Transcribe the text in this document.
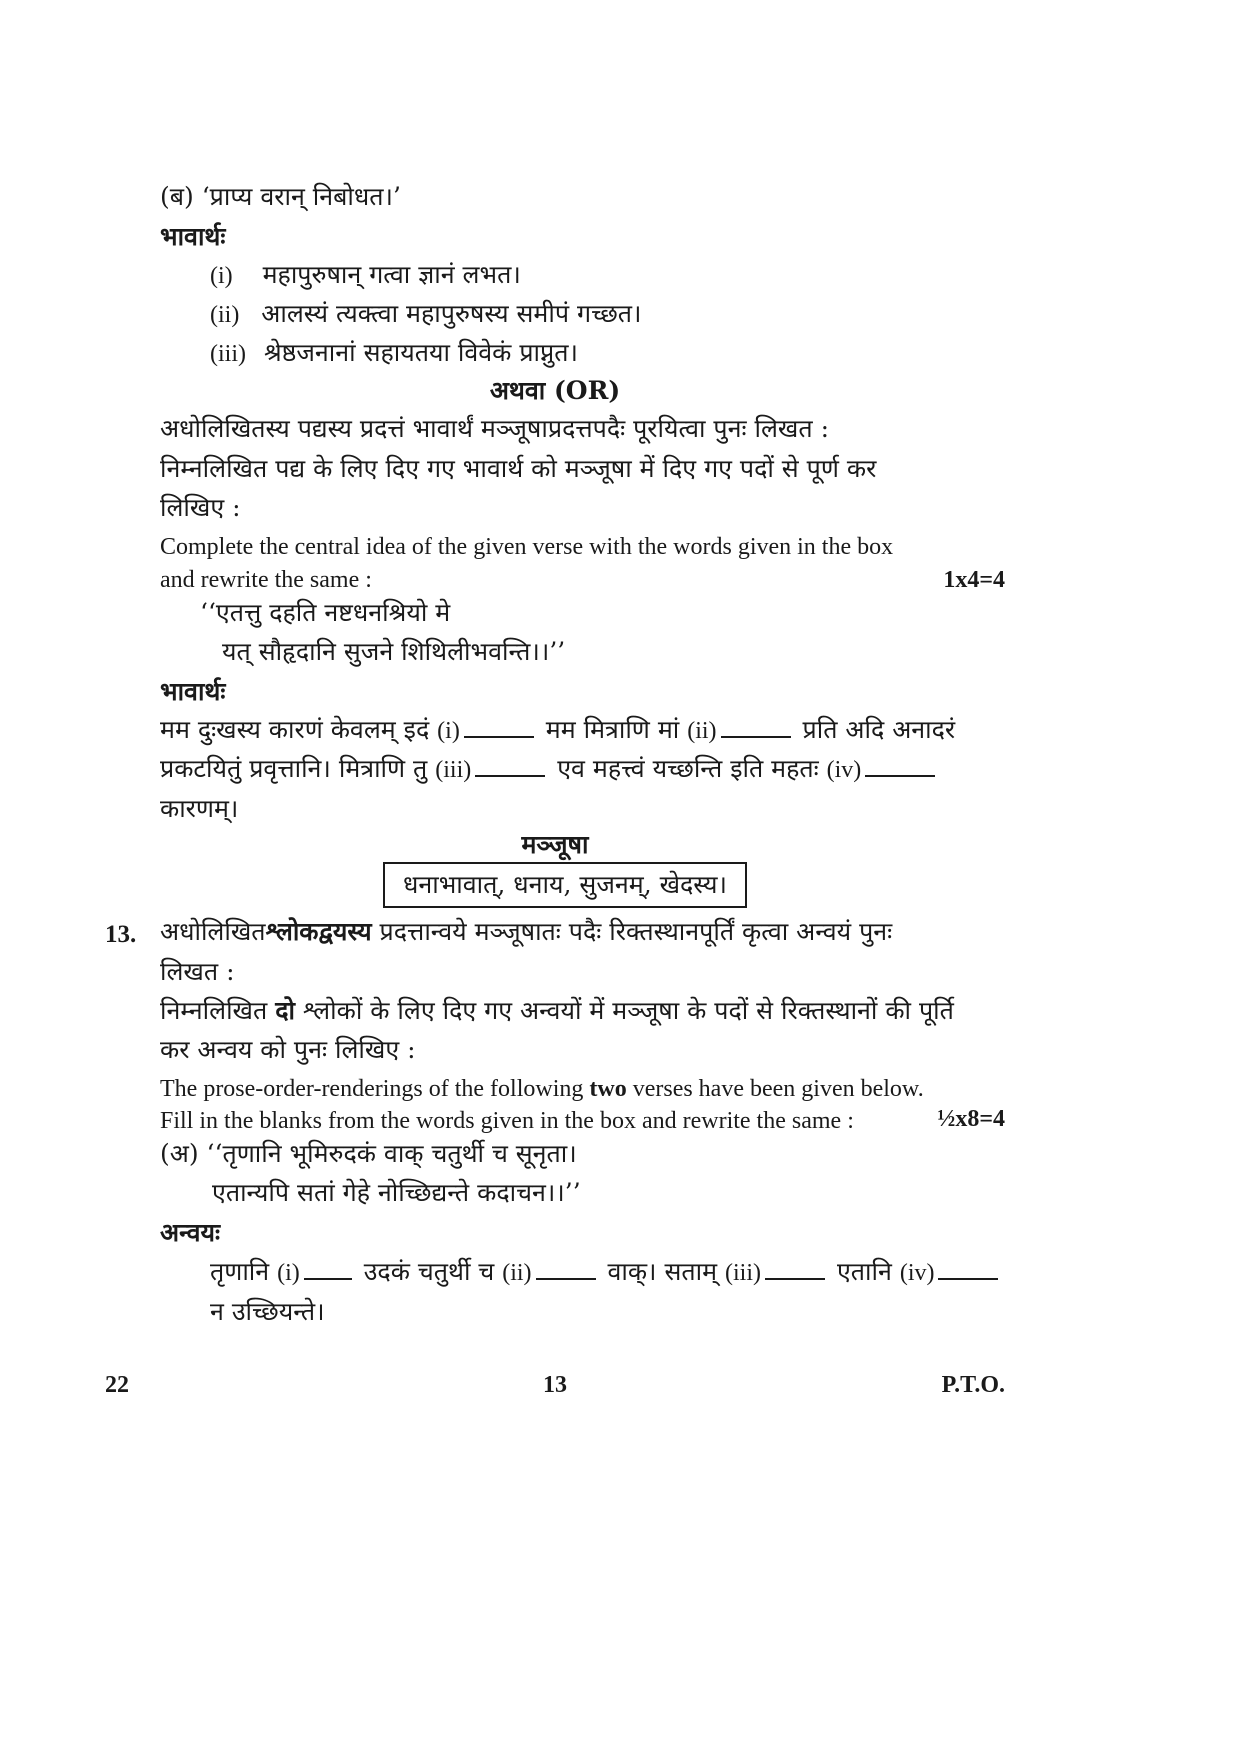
(ब) ‘प्राप्य वरान् निबोधत।’
भावार्थः
(i) महापुरुषान् गत्वा ज्ञानं लभत।
(ii) आलस्यं त्यक्त्वा महापुरुषस्य समीपं गच्छत।
(iii) श्रेष्ठजनानां सहायतया विवेकं प्राप्नुत।
अथवा (OR)
अधोलिखितस्य पद्यस्य प्रदत्तं भावार्थं मञ्जूषाप्रदत्तपदैः पूरयित्वा पुनः लिखत :
निम्नलिखित पद्य के लिए दिए गए भावार्थ को मञ्जूषा में दिए गए पदों से पूर्ण कर
लिखिए :
Complete the central idea of the given verse with the words given in the box
and rewrite the same :	1x4=4
‘‘एतत्तु दहति नष्टधनश्रियो मे
यत् सौहृदानि सुजने शिथिलीभवन्ति।।’’
भावार्थः
मम दुःखस्य कारणं केवलम् इदं (i)	मम मित्राणि मां (ii)	प्रति अदि अनादरं
प्रकटयितुं प्रवृत्तानि। मित्राणि तु (iii)	एव महत्त्वं यच्छन्ति इति महतः (iv)
कारणम्।
मञ्जूषा
धनाभावात्, धनाय, सुजनम्, खेदस्य।
13. अधोलिखितश्लोकद्वयस्य प्रदत्तान्वये मञ्जूषातः पदैः रिक्तस्थानपूर्तिं कृत्वा अन्वयं पुनः
लिखत :
निम्नलिखित दो श्लोकों के लिए दिए गए अन्वयों में मञ्जूषा के पदों से रिक्तस्थानों की पूर्ति
कर अन्वय को पुनः लिखिए :
The prose-order-renderings of the following two verses have been given below.
Fill in the blanks from the words given in the box and rewrite the same :	½x8=4
(अ) ‘‘तृणानि भूमिरुदकं वाक् चतुर्थी च सूनृता।
एतान्यपि सतां गेहे नोच्छिद्यन्ते कदाचन।।’’
अन्वयः
तृणानि (i)	उदकं चतुर्थी च (ii)	वाक्। सताम् (iii)	एतानि (iv)
न उच्छियन्ते।
22	13	P.T.O.
